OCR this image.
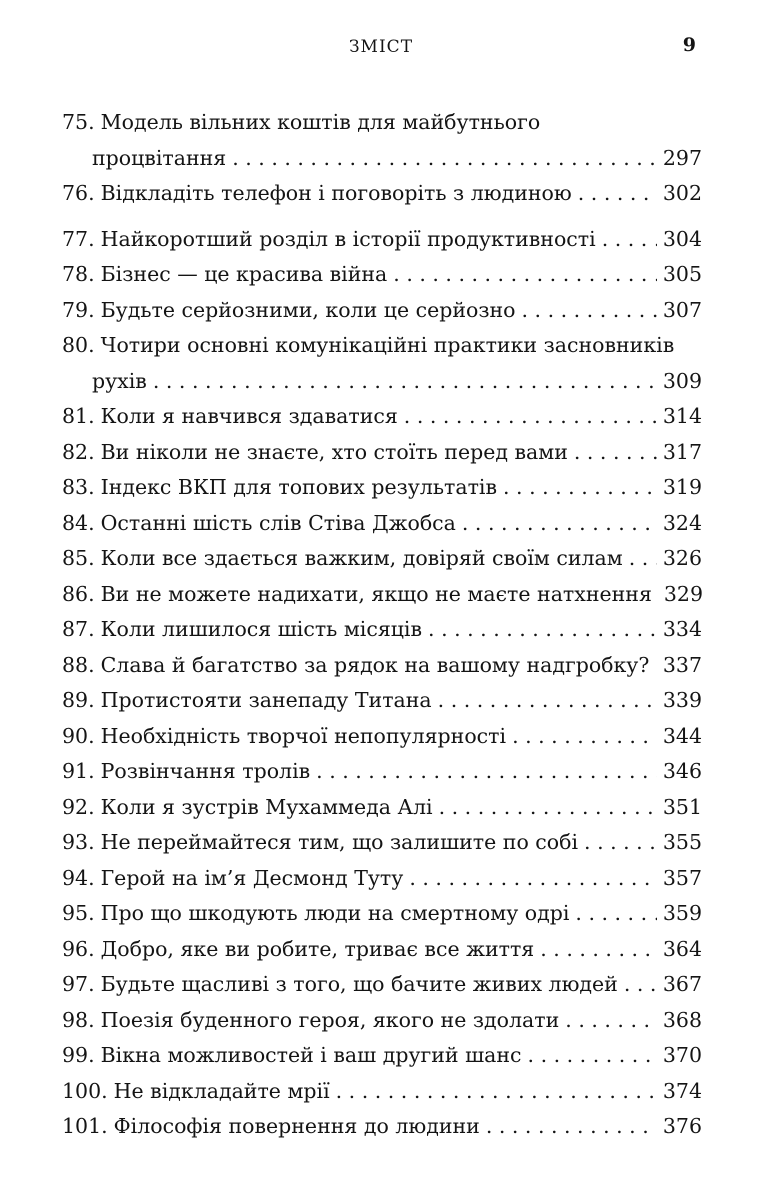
ЗМІСТ	9
75. Модель вільних коштів для майбутнього
процвітання . . .	297
76. Відкладіть телефон і поговоріть з людиною . . .	302
77. Найкоротший розділ в історії продуктивності . . .	304
78. Бізнес — це красива війна . . .	305
79. Будьте серйозними, коли це серйозно . . .	307
80. Чотири основні комунікаційні практики засновників
рухів . . .	309
81. Коли я навчився здаватися . . .	314
82. Ви ніколи не знаєте, хто стоїть перед вами . . .	317
83. Індекс ВКП для топових результатів . . .	319
84. Останні шість слів Стіва Джобса . . .	324
85. Коли все здається важким, довіряй своїм силам . . . 326
86. Ви не можете надихати, якщо не маєте натхнення 329
87. Коли лишилося шість місяців . . .	334
88. Слава й багатство за рядок на вашому надгробку? . . . 337
89. Протистояти занепаду Титана . . .	339
90. Необхідність творчої непопулярності . . .	344
91. Розвінчання тролів . . .	346
92. Коли я зустрів Мухаммеда Алі . . .	351
93. Не переймайтеся тим, що залишите по собі . . .	355
94. Герой на ім’я Десмонд Туту . . .	357
95. Про що шкодують люди на смертному одрі . . .	359
96. Добро, яке ви робите, триває все життя . . .	364
97. Будьте щасливі з того, що бачите живих людей . . . 367
98. Поезія буденного героя, якого не здолати . . .	368
99. Вікна можливостей і ваш другий шанс . . .	370
100. Не відкладайте мрії . . .	374
101. Філософія повернення до людини . . .	376
